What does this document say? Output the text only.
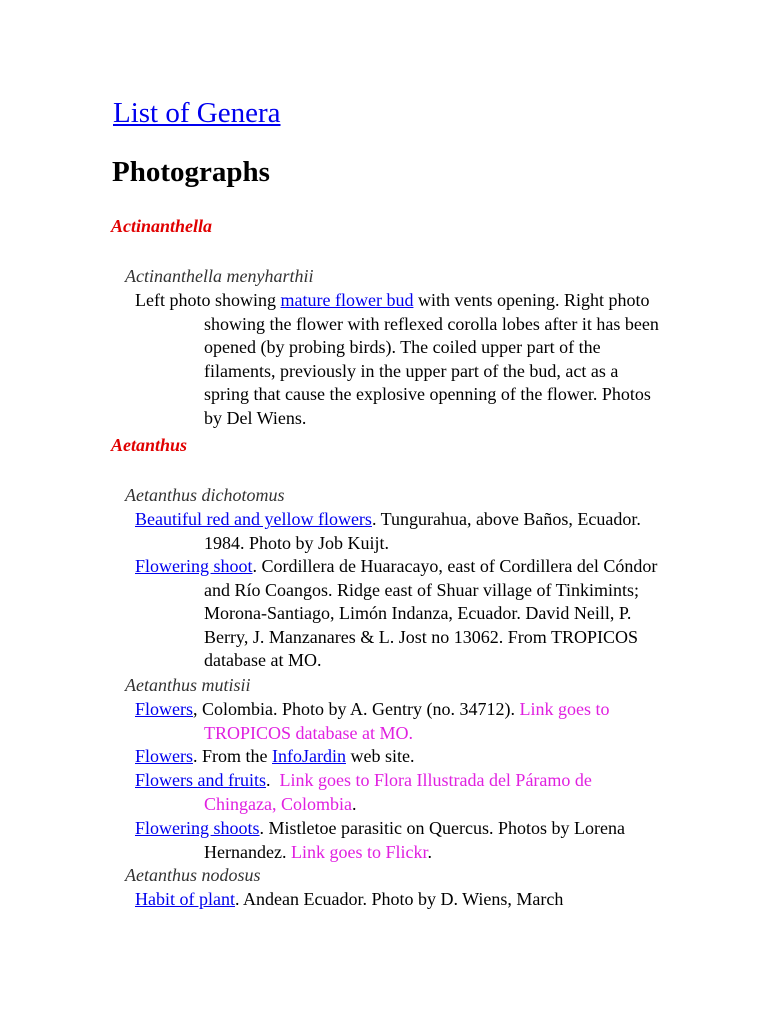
List of Genera
Photographs
Actinanthella

Actinanthella menyharthii

Left photo showing mature flower bud with vents opening. Right photo showing the flower with reflexed corolla lobes after it has been opened (by probing birds). The coiled upper part of the filaments, previously in the upper part of the bud, act as a spring that cause the explosive openning of the flower. Photos by Del Wiens.

Aetanthus

Aetanthus dichotomus

Beautiful red and yellow flowers. Tungurahua, above Baños, Ecuador. 1984. Photo by Job Kuijt.

Flowering shoot. Cordillera de Huaracayo, east of Cordillera del Cóndor and Río Coangos. Ridge east of Shuar village of Tinkimints; Morona-Santiago, Limón Indanza, Ecuador. David Neill, P. Berry, J. Manzanares & L. Jost no 13062. From TROPICOS database at MO.

Aetanthus mutisii

Flowers, Colombia. Photo by A. Gentry (no. 34712). Link goes to TROPICOS database at MO.

Flowers. From the InfoJardin web site.

Flowers and fruits.  Link goes to Flora Illustrada del Páramo de Chingaza, Colombia.

Flowering shoots. Mistletoe parasitic on Quercus. Photos by Lorena Hernandez. Link goes to Flickr.

Aetanthus nodosus

Habit of plant. Andean Ecuador. Photo by D. Wiens, March
